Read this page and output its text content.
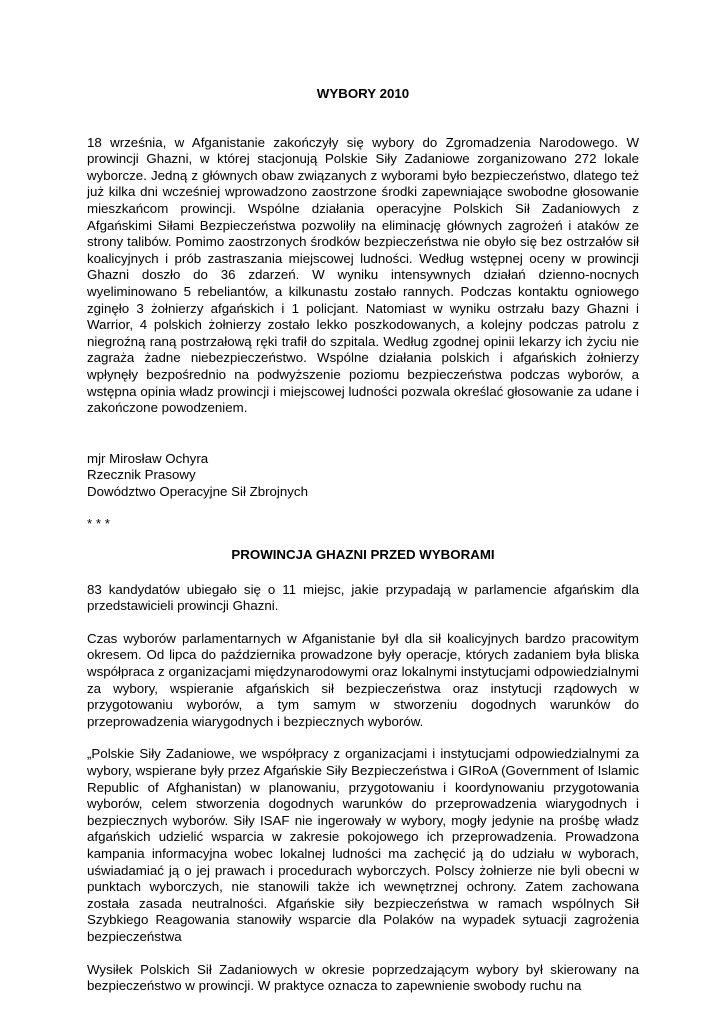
WYBORY 2010

18 września, w Afganistanie zakończyły się wybory do Zgromadzenia Narodowego. W prowincji Ghazni, w której stacjonują Polskie Siły Zadaniowe zorganizowano 272 lokale wyborcze. Jedną z głównych obaw związanych z wyborami było bezpieczeństwo, dlatego też już kilka dni wcześniej wprowadzono zaostrzone środki zapewniające swobodne głosowanie mieszkańcom prowincji. Wspólne działania operacyjne Polskich Sił Zadaniowych z Afgańskimi Siłami Bezpieczeństwa pozwoliły na eliminację głównych zagrożeń i ataków ze strony talibów. Pomimo zaostrzonych środków bezpieczeństwa nie obyło się bez ostrzałów sił koalicyjnych i prób zastraszania miejscowej ludności. Według wstępnej oceny w prowincji Ghazni doszło do 36 zdarzeń. W wyniku intensywnych działań dzienno-nocnych wyeliminowano 5 rebeliantów, a kilkunastu zostało rannych. Podczas kontaktu ogniowego zginęło 3 żołnierzy afgańskich i 1 policjant. Natomiast w wyniku ostrzału bazy Ghazni i Warrior, 4 polskich żołnierzy zostało lekko poszkodowanych, a kolejny podczas patrolu z niegroźną raną postrzałową ręki trafił do szpitala. Według zgodnej opinii lekarzy ich życiu nie zagraża żadne niebezpieczeństwo. Wspólne działania polskich i afgańskich żołnierzy wpłynęły bezpośrednio na podwyższenie poziomu bezpieczeństwa podczas wyborów, a wstępna opinia władz prowincji i miejscowej ludności pozwala określać głosowanie za udane i zakończone powodzeniem.

mjr Mirosław Ochyra

Rzecznik Prasowy

Dowództwo Operacyjne Sił Zbrojnych

* * *

PROWINCJA GHAZNI PRZED WYBORAMI

83 kandydatów ubiegało się o 11 miejsc, jakie przypadają w parlamencie afgańskim dla przedstawicieli prowincji Ghazni.

Czas wyborów parlamentarnych w Afganistanie był dla sił koalicyjnych bardzo pracowitym okresem. Od lipca do października prowadzone były operacje, których zadaniem była bliska współpraca z organizacjami międzynarodowymi oraz lokalnymi instytucjami odpowiedzialnymi za wybory, wspieranie afgańskich sił bezpieczeństwa oraz instytucji rządowych w przygotowaniu wyborów, a tym samym w stworzeniu dogodnych warunków do przeprowadzenia wiarygodnych i bezpiecznych wyborów.

„Polskie Siły Zadaniowe, we współpracy z organizacjami i instytucjami odpowiedzialnymi za wybory, wspierane były przez Afgańskie Siły Bezpieczeństwa i GIRoA (Government of Islamic Republic of Afghanistan) w planowaniu, przygotowaniu i koordynowaniu przygotowania wyborów, celem stworzenia dogodnych warunków do przeprowadzenia wiarygodnych i bezpiecznych wyborów. Siły ISAF nie ingerowały w wybory, mogły jedynie na prośbę władz afgańskich udzielić wsparcia w zakresie pokojowego ich przeprowadzenia. Prowadzona kampania informacyjna wobec lokalnej ludności ma zachęcić ją do udziału w wyborach, uświadamiać ją o jej prawach i procedurach wyborczych. Polscy żołnierze nie byli obecni w punktach wyborczych, nie stanowili także ich wewnętrznej ochrony. Zatem zachowana została zasada neutralności. Afgańskie siły bezpieczeństwa w ramach wspólnych Sił Szybkiego Reagowania stanowiły wsparcie dla Polaków na wypadek sytuacji zagrożenia bezpieczeństwa

Wysiłek Polskich Sił Zadaniowych w okresie poprzedzającym wybory był skierowany na bezpieczeństwo w prowincji. W praktyce oznacza to zapewnienie swobody ruchu na
